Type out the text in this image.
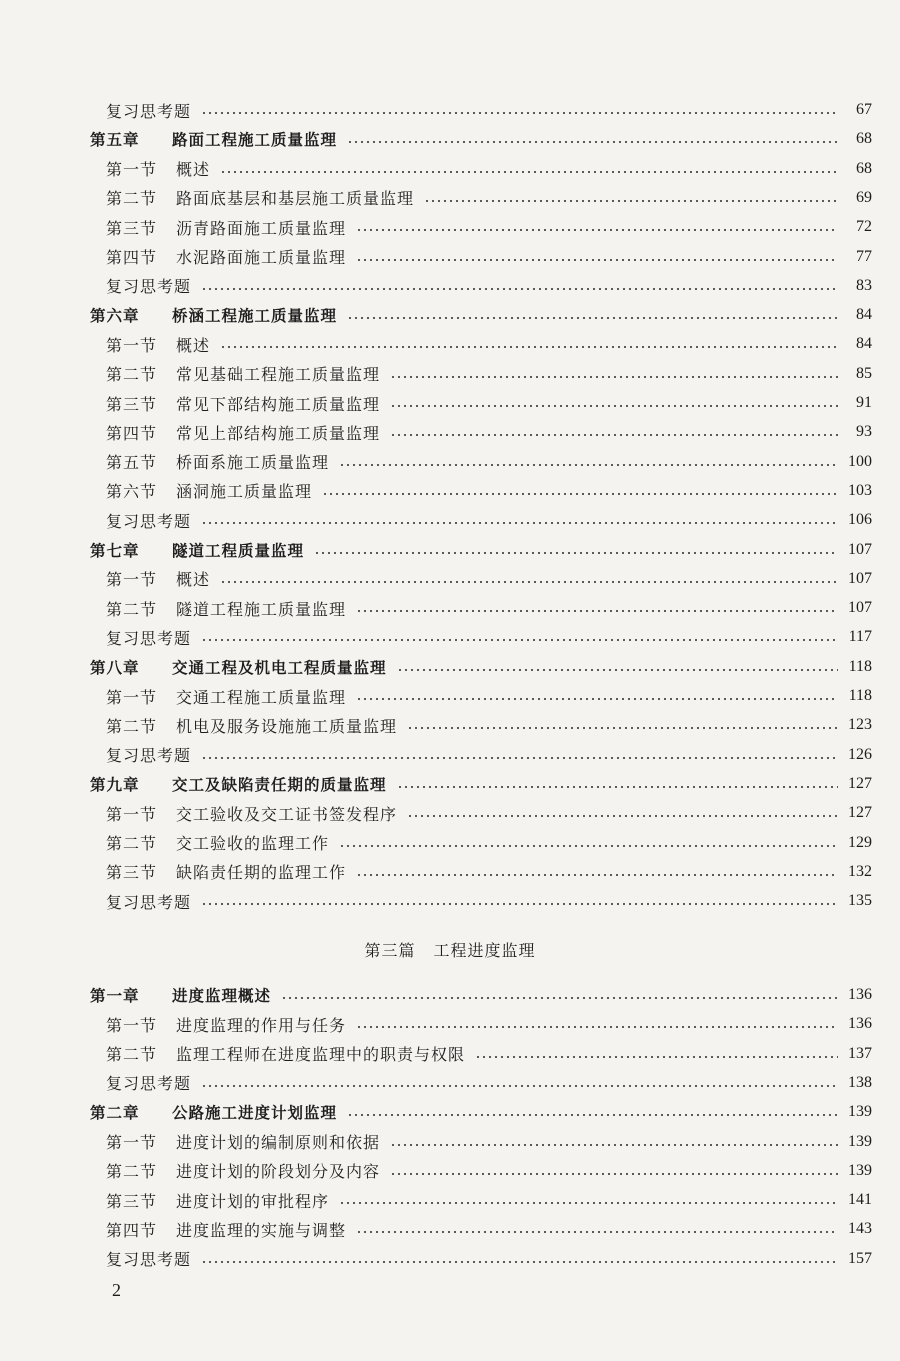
复习思考题	67
第五章 路面工程施工质量监理	68
第一节 概述	68
第二节 路面底基层和基层施工质量监理	69
第三节 沥青路面施工质量监理	72
第四节 水泥路面施工质量监理	77
复习思考题	83
第六章 桥涵工程施工质量监理	84
第一节 概述	84
第二节 常见基础工程施工质量监理	85
第三节 常见下部结构施工质量监理	91
第四节 常见上部结构施工质量监理	93
第五节 桥面系施工质量监理	100
第六节 涵洞施工质量监理	103
复习思考题	106
第七章 隧道工程质量监理	107
第一节 概述	107
第二节 隧道工程施工质量监理	107
复习思考题	117
第八章 交通工程及机电工程质量监理	118
第一节 交通工程施工质量监理	118
第二节 机电及服务设施施工质量监理	123
复习思考题	126
第九章 交工及缺陷责任期的质量监理	127
第一节 交工验收及交工证书签发程序	127
第二节 交工验收的监理工作	129
第三节 缺陷责任期的监理工作	132
复习思考题	135
第三篇 工程进度监理
第一章 进度监理概述	136
第一节 进度监理的作用与任务	136
第二节 监理工程师在进度监理中的职责与权限	137
复习思考题	138
第二章 公路施工进度计划监理	139
第一节 进度计划的编制原则和依据	139
第二节 进度计划的阶段划分及内容	139
第三节 进度计划的审批程序	141
第四节 进度监理的实施与调整	143
复习思考题	157
2
